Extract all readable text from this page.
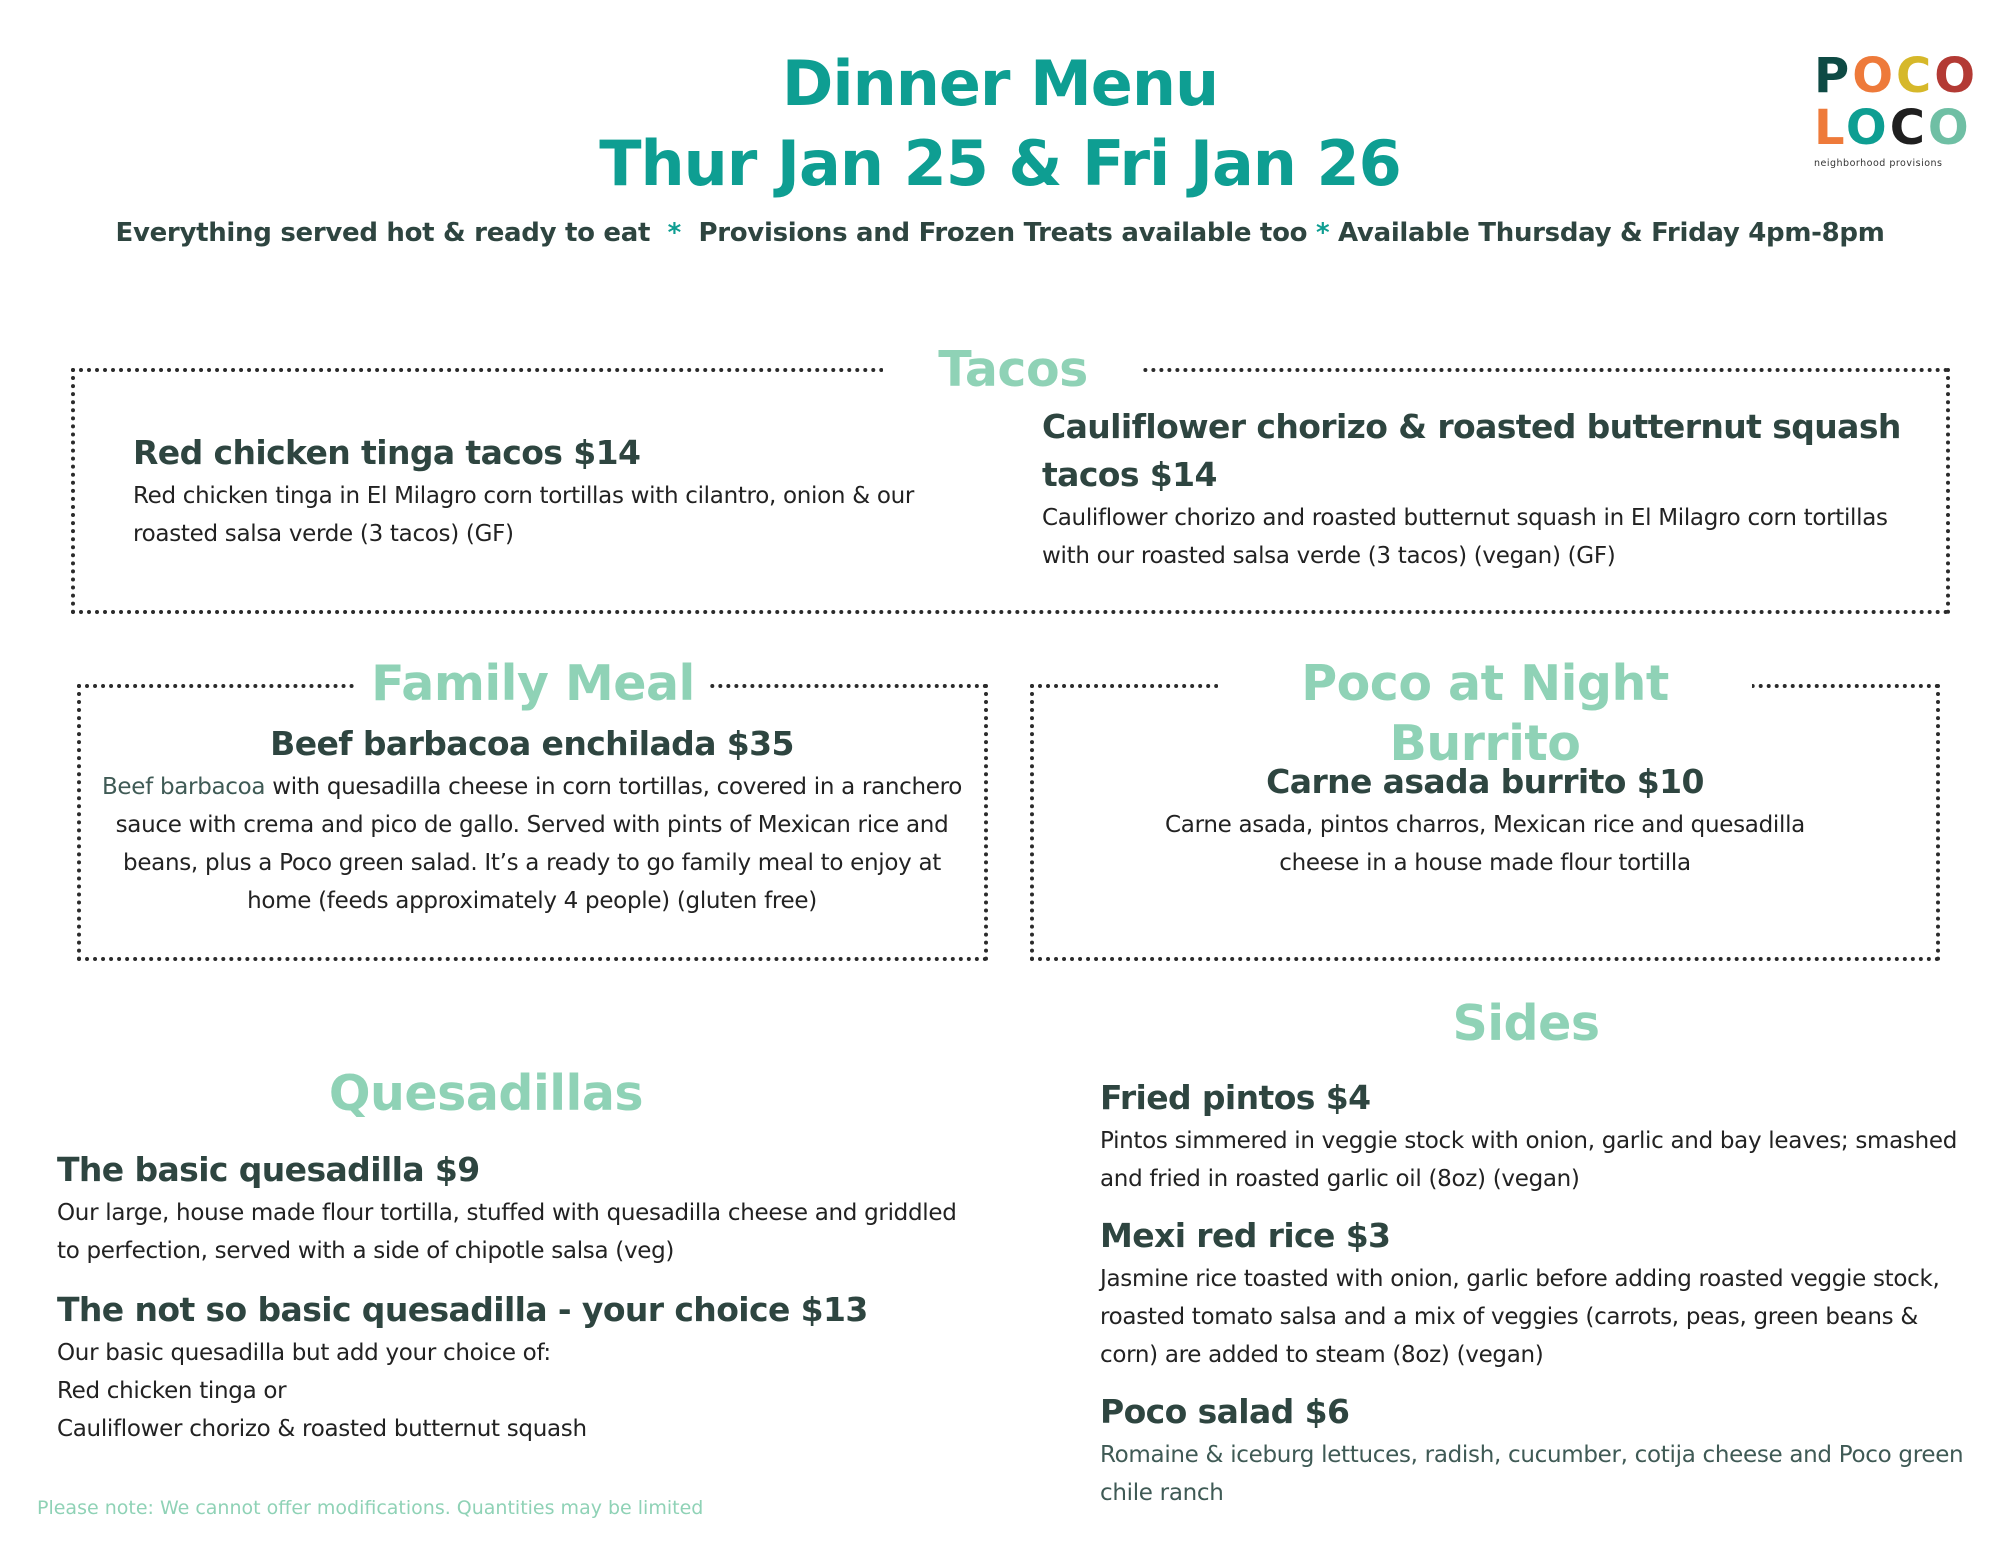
Dinner Menu
Thur Jan 25 & Fri Jan 26
Everything served hot & ready to eat * Provisions and Frozen Treats available too * Available Thursday & Friday 4pm-8pm
POCO
LOCO
neighborhood provisions
Tacos
Red chicken tinga tacos $14
Red chicken tinga in El Milagro corn tortillas with cilantro, onion & our roasted salsa verde (3 tacos) (GF)
Cauliflower chorizo & roasted butternut squash tacos $14
Cauliflower chorizo and roasted butternut squash in El Milagro corn tortillas with our roasted salsa verde (3 tacos) (vegan) (GF)
Family Meal
Beef barbacoa enchilada $35
Beef barbacoa with quesadilla cheese in corn tortillas, covered in a ranchero sauce with crema and pico de gallo. Served with pints of Mexican rice and beans, plus a Poco green salad. It’s a ready to go family meal to enjoy at home (feeds approximately 4 people) (gluten free)
Poco at Night Burrito
Carne asada burrito $10
Carne asada, pintos charros, Mexican rice and quesadilla cheese in a house made flour tortilla
Quesadillas
The basic quesadilla $9
Our large, house made flour tortilla, stuffed with quesadilla cheese and griddled to perfection, served with a side of chipotle salsa (veg)
The not so basic quesadilla - your choice $13
Our basic quesadilla but add your choice of:
Red chicken tinga or
Cauliflower chorizo & roasted butternut squash
Sides
Fried pintos $4
Pintos simmered in veggie stock with onion, garlic and bay leaves; smashed and fried in roasted garlic oil (8oz) (vegan)
Mexi red rice $3
Jasmine rice toasted with onion, garlic before adding roasted veggie stock, roasted tomato salsa and a mix of veggies (carrots, peas, green beans & corn) are added to steam (8oz) (vegan)
Poco salad $6
Romaine & iceburg lettuces, radish, cucumber, cotija cheese and Poco green chile ranch
Please note: We cannot offer modifications. Quantities may be limited
